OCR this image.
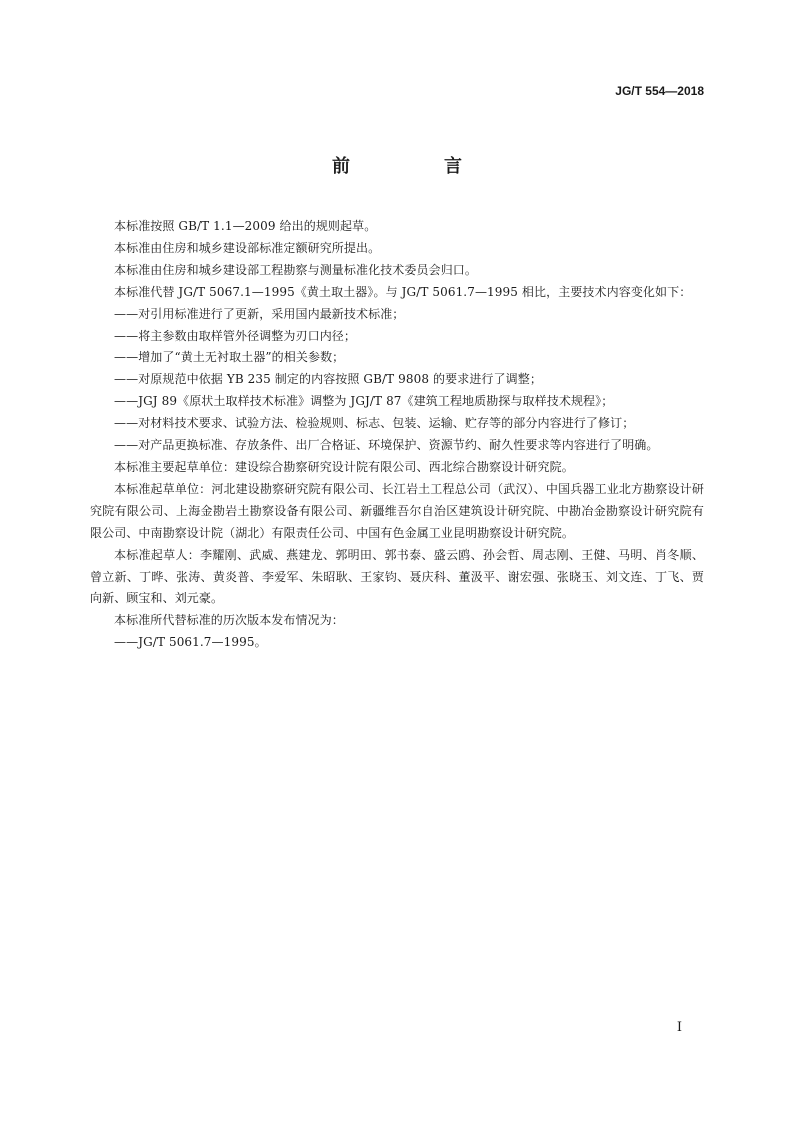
JG/T 554—2018
前　言

本标准按照 GB/T 1.1—2009 给出的规则起草。

本标准由住房和城乡建设部标准定额研究所提出。

本标准由住房和城乡建设部工程勘察与测量标准化技术委员会归口。

本标准代替 JG/T 5067.1—1995《黄土取土器》。与 JG/T 5061.7—1995 相比，主要技术内容变化如下：

——对引用标准进行了更新，采用国内最新技术标准；

——将主参数由取样管外径调整为刃口内径；

——增加了“黄土无衬取土器”的相关参数；

——对原规范中依据 YB 235 制定的内容按照 GB/T 9808 的要求进行了调整；

——JGJ 89《原状土取样技术标准》调整为 JGJ/T 87《建筑工程地质勘探与取样技术规程》；

——对材料技术要求、试验方法、检验规则、标志、包装、运输、贮存等的部分内容进行了修订；

——对产品更换标准、存放条件、出厂合格证、环境保护、资源节约、耐久性要求等内容进行了明确。

本标准主要起草单位：建设综合勘察研究设计院有限公司、西北综合勘察设计研究院。

本标准起草单位：河北建设勘察研究院有限公司、长江岩土工程总公司（武汉）、中国兵器工业北方勘察设计研究院有限公司、上海金勘岩土勘察设备有限公司、新疆维吾尔自治区建筑设计研究院、中勘冶金勘察设计研究院有限公司、中南勘察设计院（湖北）有限责任公司、中国有色金属工业昆明勘察设计研究院。

本标准起草人：李耀刚、武威、燕建龙、郭明田、郭书泰、盛云鸥、孙会哲、周志刚、王健、马明、肖冬顺、曾立新、丁晔、张涛、黄炎普、李爱军、朱昭耿、王家钧、聂庆科、董汲平、谢宏强、张晓玉、刘文连、丁飞、贾向新、顾宝和、刘元豪。

本标准所代替标准的历次版本发布情况为：

——JG/T 5061.7—1995。

I
